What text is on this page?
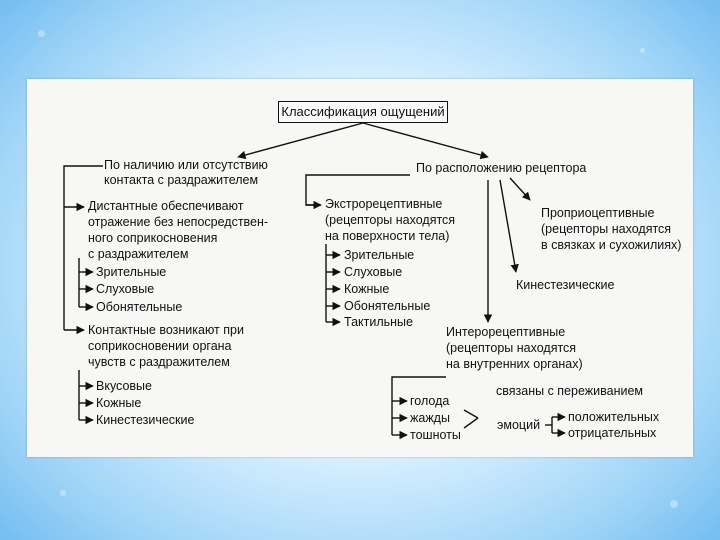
Классификация ощущений
По наличию или отсутствию
контакта с раздражителем
Дистантные обеспечивают
отражение без непосредствен-
ного соприкосновения
с раздражителем
Зрительные
Слуховые
Обонятельные
Контактные возникают при
соприкосновении органа
чувств с раздражителем
Вкусовые
Кожные
Кинестезические
По расположению рецептора
Экстрорецептивные
(рецепторы находятся
на поверхности тела)
Зрительные
Слуховые
Кожные
Обонятельные
Тактильные
Проприоцептивные
(рецепторы находятся
в связках и сухожилиях)
Кинестезические
Интерорецептивные
(рецепторы находятся
на внутренних органах)
голода
жажды
тошноты
связаны с переживанием
эмоций
положительных
отрицательных
